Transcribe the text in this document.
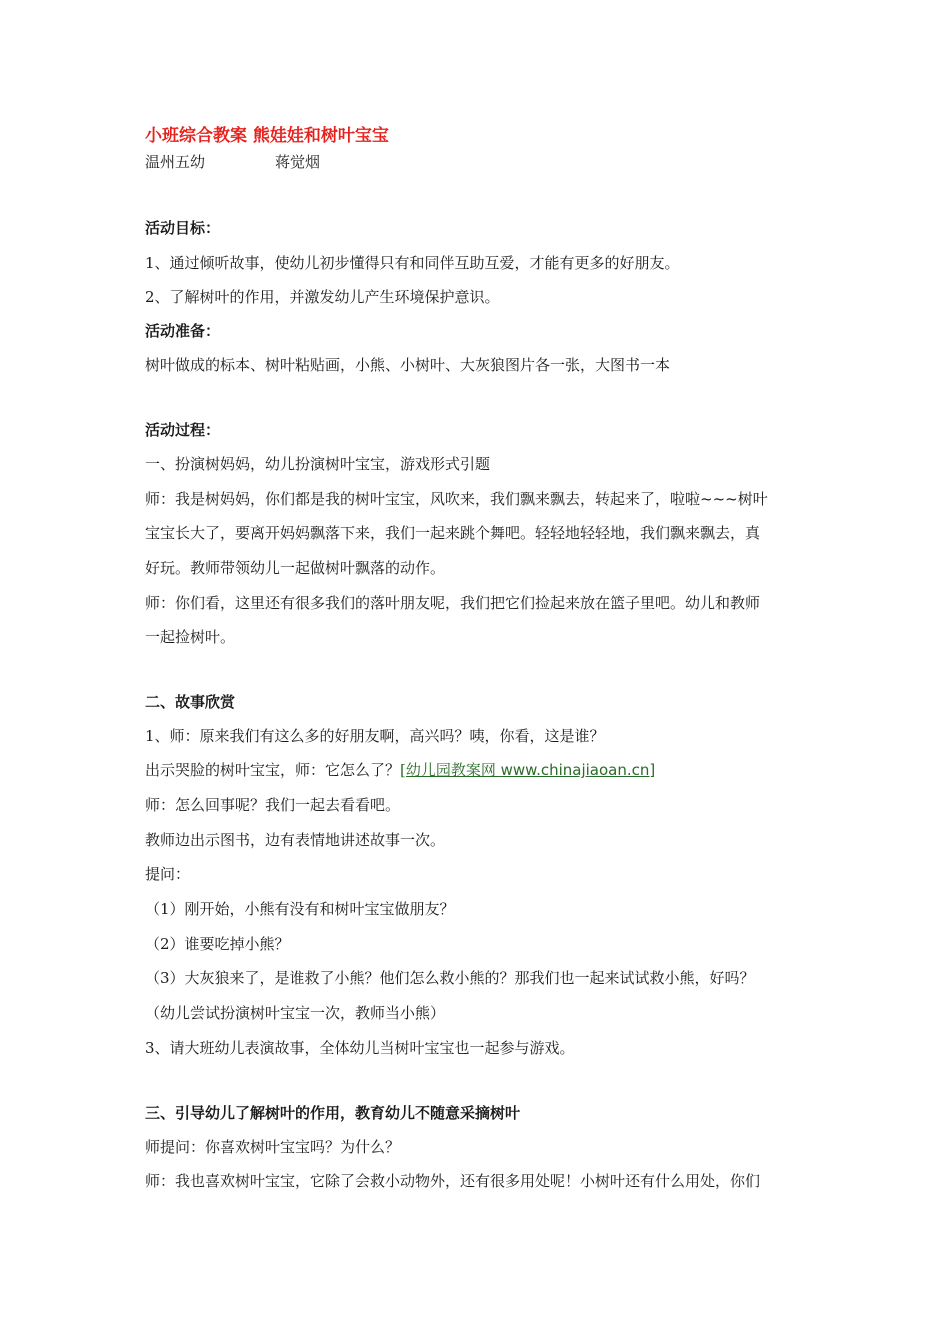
小班综合教案 熊娃娃和树叶宝宝
温州五幼	蒋觉烟
活动目标：
1、通过倾听故事，使幼儿初步懂得只有和同伴互助互爱，才能有更多的好朋友。
2、了解树叶的作用，并激发幼儿产生环境保护意识。
活动准备：
树叶做成的标本、树叶粘贴画，小熊、小树叶、大灰狼图片各一张，大图书一本
活动过程：
一、扮演树妈妈，幼儿扮演树叶宝宝，游戏形式引题
师：我是树妈妈，你们都是我的树叶宝宝，风吹来，我们飘来飘去，转起来了，啦啦~~~树叶
宝宝长大了，要离开妈妈飘落下来，我们一起来跳个舞吧。轻轻地轻轻地，我们飘来飘去，真
好玩。教师带领幼儿一起做树叶飘落的动作。
师：你们看，这里还有很多我们的落叶朋友呢，我们把它们捡起来放在篮子里吧。幼儿和教师
一起捡树叶。
二、故事欣赏
1、师：原来我们有这么多的好朋友啊，高兴吗？咦，你看，这是谁？
出示哭脸的树叶宝宝，师：它怎么了？[幼儿园教案网 www.chinajiaoan.cn]
师：怎么回事呢？我们一起去看看吧。
教师边出示图书，边有表情地讲述故事一次。
提问：
（1）刚开始，小熊有没有和树叶宝宝做朋友？
（2）谁要吃掉小熊？
（3）大灰狼来了，是谁救了小熊？他们怎么救小熊的？那我们也一起来试试救小熊，好吗？
（幼儿尝试扮演树叶宝宝一次，教师当小熊）
3、请大班幼儿表演故事，全体幼儿当树叶宝宝也一起参与游戏。
三、引导幼儿了解树叶的作用，教育幼儿不随意采摘树叶
师提问：你喜欢树叶宝宝吗？为什么？
师：我也喜欢树叶宝宝，它除了会救小动物外，还有很多用处呢！小树叶还有什么用处，你们
